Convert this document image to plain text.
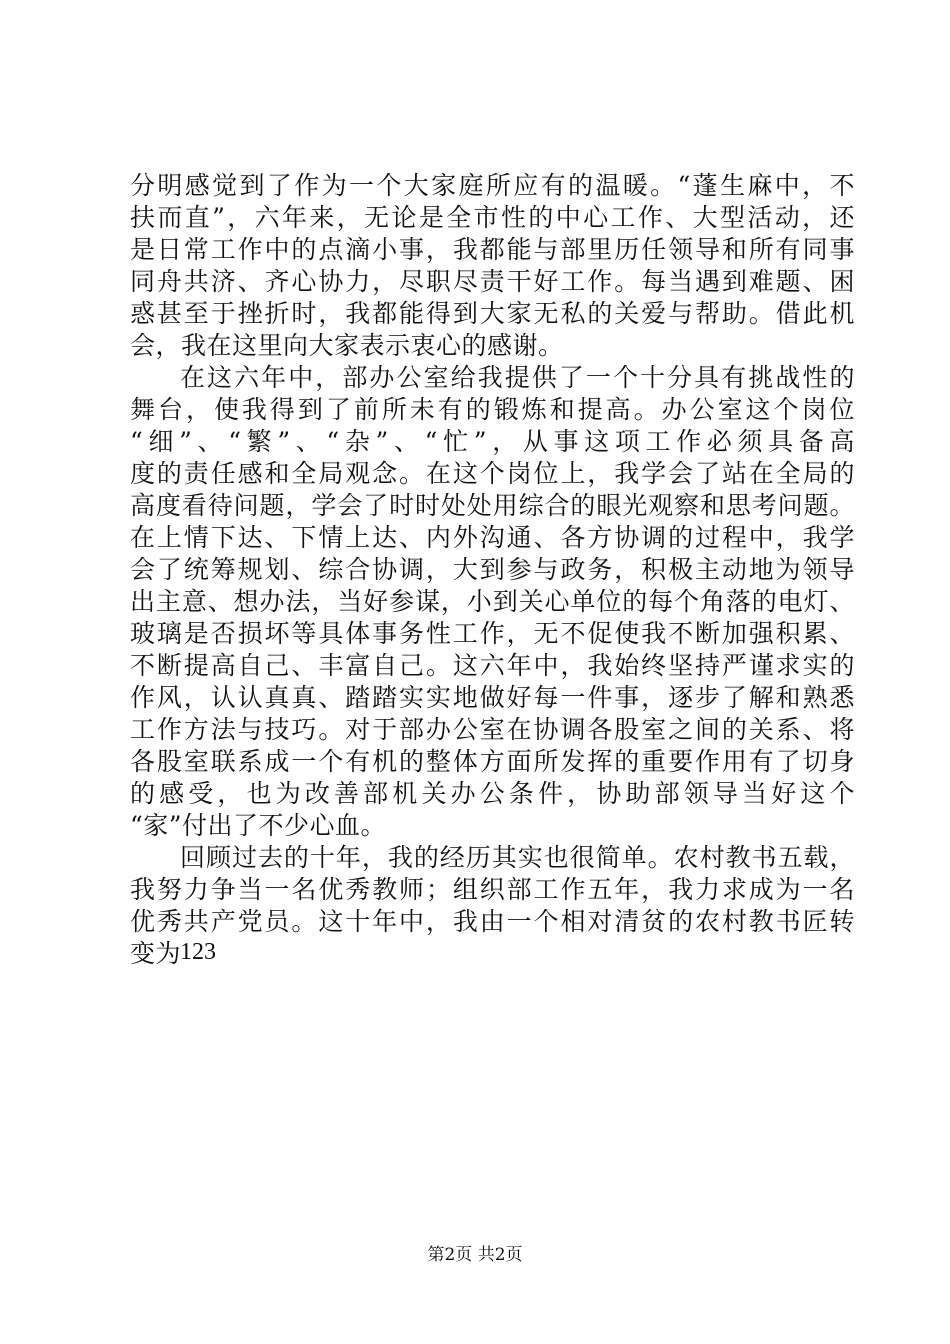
分明感觉到了作为一个大家庭所应有的温暖。“蓬生麻中，不
扶而直”，六年来，无论是全市性的中心工作、大型活动，还
是日常工作中的点滴小事，我都能与部里历任领导和所有同事
同舟共济、齐心协力，尽职尽责干好工作。每当遇到难题、困
惑甚至于挫折时，我都能得到大家无私的关爱与帮助。借此机
会，我在这里向大家表示衷心的感谢。
在这六年中，部办公室给我提供了一个十分具有挑战性的
舞台，使我得到了前所未有的锻炼和提高。办公室这个岗位
“细”、“繁”、“杂”、“忙”，从事这项工作必须具备高
度的责任感和全局观念。在这个岗位上，我学会了站在全局的
高度看待问题，学会了时时处处用综合的眼光观察和思考问题。
在上情下达、下情上达、内外沟通、各方协调的过程中，我学
会了统筹规划、综合协调，大到参与政务，积极主动地为领导
出主意、想办法，当好参谋，小到关心单位的每个角落的电灯、
玻璃是否损坏等具体事务性工作，无不促使我不断加强积累、
不断提高自己、丰富自己。这六年中，我始终坚持严谨求实的
作风，认认真真、踏踏实实地做好每一件事，逐步了解和熟悉
工作方法与技巧。对于部办公室在协调各股室之间的关系、将
各股室联系成一个有机的整体方面所发挥的重要作用有了切身
的感受，也为改善部机关办公条件，协助部领导当好这个
“家”付出了不少心血。
回顾过去的十年，我的经历其实也很简单。农村教书五载，
我努力争当一名优秀教师；组织部工作五年，我力求成为一名
优秀共产党员。这十年中，我由一个相对清贫的农村教书匠转
变为
123
第2页 共2页
